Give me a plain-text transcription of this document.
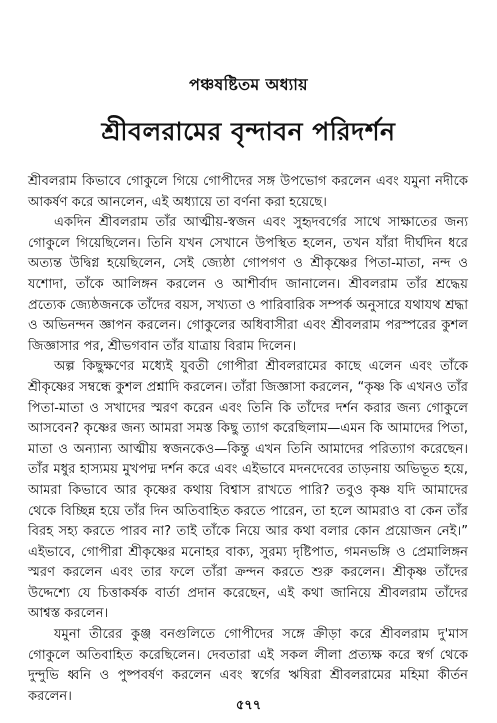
পঞ্চষষ্টিতম অধ্যায়
শ্রীবলরামের বৃন্দাবন পরিদর্শন

শ্রীবলরাম কিভাবে গোকুলে গিয়ে গোপীদের সঙ্গ উপভোগ করলেন এবং যমুনা নদীকে আকর্ষণ করে আনলেন, এই অধ্যায়ে তা বর্ণনা করা হয়েছে।

একদিন শ্রীবলরাম তাঁর আত্মীয়-স্বজন এবং সুহৃদবর্গের সাথে সাক্ষাতের জন্য গোকুলে গিয়েছিলেন। তিনি যখন সেখানে উপস্থিত হলেন, তখন যাঁরা দীর্ঘদিন ধরে অত্যন্ত উদ্বিগ্ন হয়েছিলেন, সেই জ্যেষ্ঠা গোপগণ ও শ্রীকৃষ্ণের পিতা-মাতা, নন্দ ও যশোদা, তাঁকে আলিঙ্গন করলেন ও আশীর্বাদ জানালেন। শ্রীবলরাম তাঁর শ্রদ্ধেয় প্রত্যেক জ্যেষ্ঠজনকে তাঁদের বয়স, সখ্যতা ও পারিবারিক সম্পর্ক অনুসারে যথাযথ শ্রদ্ধা ও অভিনন্দন জ্ঞাপন করলেন। গোকুলের অধিবাসীরা এবং শ্রীবলরাম পরস্পরের কুশল জিজ্ঞাসার পর, শ্রীভগবান তাঁর যাত্রায় বিরাম দিলেন।

অল্প কিছুক্ষণের মধ্যেই যুবতী গোপীরা শ্রীবলরামের কাছে এলেন এবং তাঁকে শ্রীকৃষ্ণের সম্বন্ধে কুশল প্রশ্নাদি করলেন। তাঁরা জিজ্ঞাসা করলেন, “কৃষ্ণ কি এখনও তাঁর পিতা-মাতা ও সখাদের স্মরণ করেন এবং তিনি কি তাঁদের দর্শন করার জন্য গোকুলে আসবেন? কৃষ্ণের জন্য আমরা সমস্ত কিছু ত্যাগ করেছিলাম—এমন কি আমাদের পিতা, মাতা ও অন্যান্য আত্মীয় স্বজনকেও—কিন্তু এখন তিনি আমাদের পরিত্যাগ করেছেন। তাঁর মধুর হাস্যময় মুখপদ্ম দর্শন করে এবং এইভাবে মদনদেবের তাড়নায় অভিভূত হয়ে, আমরা কিভাবে আর কৃষ্ণের কথায় বিশ্বাস রাখতে পারি? তবুও কৃষ্ণ যদি আমাদের থেকে বিচ্ছিন্ন হয়ে তাঁর দিন অতিবাহিত করতে পারেন, তা হলে আমরাও বা কেন তাঁর বিরহ সহ্য করতে পারব না? তাই তাঁকে নিয়ে আর কথা বলার কোন প্রয়োজন নেই।” এইভাবে, গোপীরা শ্রীকৃষ্ণের মনোহর বাক্য, সুরম্য দৃষ্টিপাত, গমনভঙ্গি ও প্রেমালিঙ্গন স্মরণ করলেন এবং তার ফলে তাঁরা ক্রন্দন করতে শুরু করলেন। শ্রীকৃষ্ণ তাঁদের উদ্দেশ্যে যে চিত্তাকর্ষক বার্তা প্রদান করেছেন, এই কথা জানিয়ে শ্রীবলরাম তাঁদের আশ্বস্ত করলেন।

যমুনা তীরের কুঞ্জ বনগুলিতে গোপীদের সঙ্গে ক্রীড়া করে শ্রীবলরাম দু'মাস গোকুলে অতিবাহিত করেছিলেন। দেবতারা এই সকল লীলা প্রত্যক্ষ করে স্বর্গ থেকে দুন্দুভি ধ্বনি ও পুষ্পবর্ষণ করলেন এবং স্বর্গের ঋষিরা শ্রীবলরামের মহিমা কীর্তন করলেন।

৫৭৭
